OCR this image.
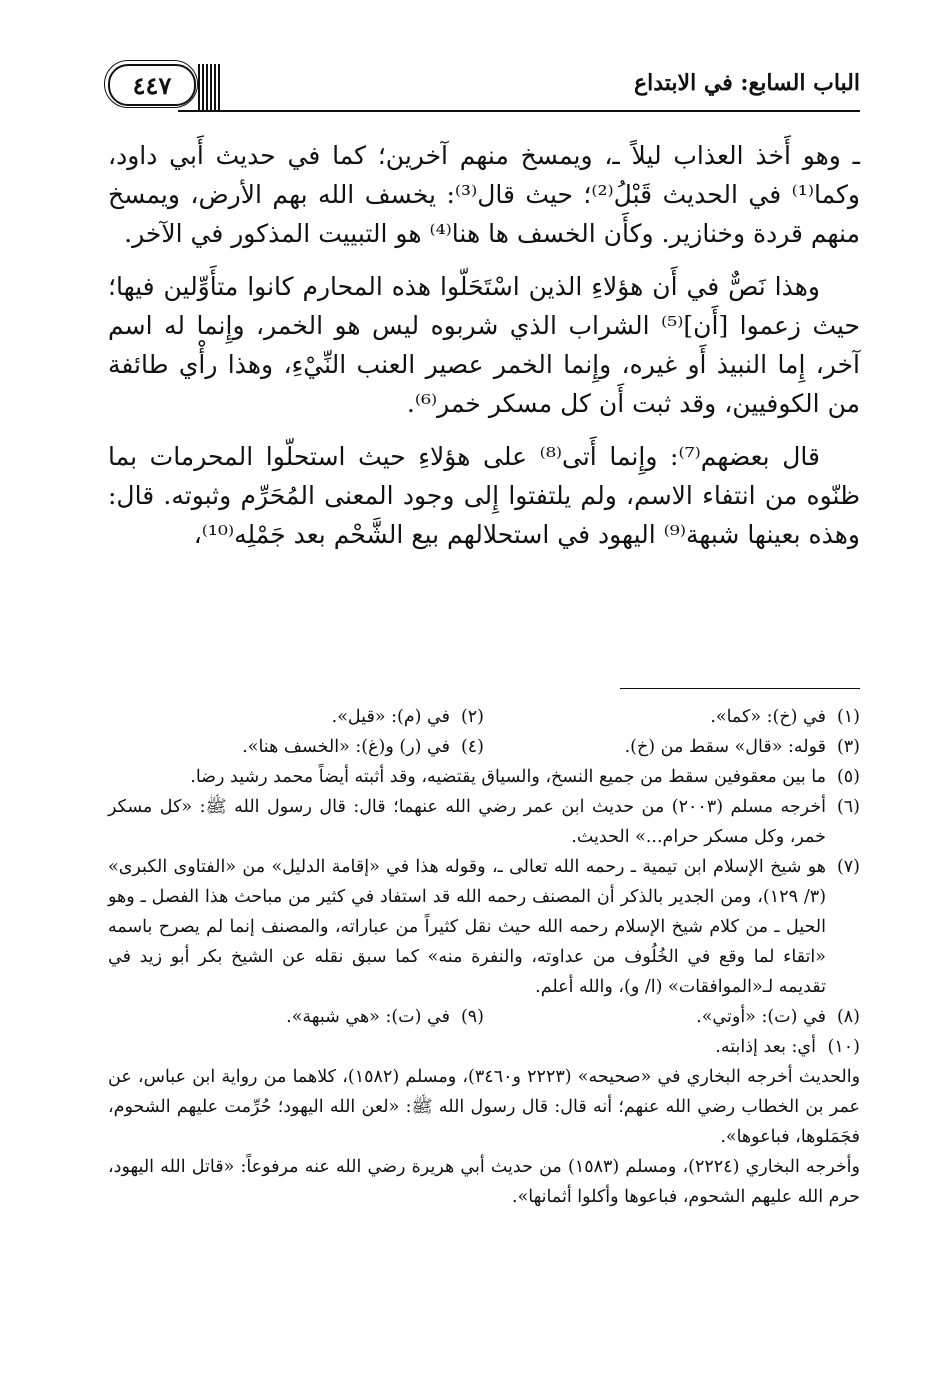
٤٤٧	الباب السابع: في الابتداع

ـ وهو أَخذ العذاب ليلاً ـ، ويمسخ منهم آخرين؛ كما في حديث أَبي داود، وكما⁽¹⁾ في الحديث قَبْلُ⁽²⁾؛ حيث قال⁽³⁾: يخسف الله بهم الأرض، ويمسخ منهم قردة وخنازير. وكأَن الخسف ها هنا⁽⁴⁾ هو التبييت المذكور في الآخر.

وهذا نَصٌّ في أَن هؤلاءِ الذين اسْتَحَلّوا هذه المحارم كانوا متأَوِّلين فيها؛ حيث زعموا [أَن]⁽⁵⁾ الشراب الذي شربوه ليس هو الخمر، وإِنما له اسم آخر، إِما النبيذ أَو غيره، وإِنما الخمر عصير العنب النِّيْءِ، وهذا رأْي طائفة من الكوفيين، وقد ثبت أَن كل مسكر خمر⁽⁶⁾.

قال بعضهم⁽⁷⁾: وإِنما أَتى⁽⁸⁾ على هؤلاءِ حيث استحلّوا المحرمات بما ظنّوه من انتفاء الاسم، ولم يلتفتوا إِلى وجود المعنى المُحَرِّم وثبوته. قال: وهذه بعينها شبهة⁽⁹⁾ اليهود في استحلالهم بيع الشَّحْم بعد جَمْلِه⁽¹⁰⁾،

(١)
في (خ): «كما».
(٢)
في (م): «قيل».
(٣)
قوله: «قال» سقط من (خ).
(٤)
في (ر) و(غ): «الخسف هنا».
(٥)
ما بين معقوفين سقط من جميع النسخ، والسياق يقتضيه، وقد أثبته أيضاً محمد رشيد رضا.
(٦)
أخرجه مسلم (٢٠٠٣) من حديث ابن عمر رضي الله عنهما؛ قال: قال رسول الله ﷺ: «كل مسكر خمر، وكل مسكر حرام...» الحديث.
(٧)
هو شيخ الإسلام ابن تيمية ـ رحمه الله تعالى ـ، وقوله هذا في «إقامة الدليل» من «الفتاوى الكبرى» (٣/ ١٢٩)، ومن الجدير بالذكر أن المصنف رحمه الله قد استفاد في كثير من مباحث هذا الفصل ـ وهو الحيل ـ من كلام شيخ الإسلام رحمه الله حيث نقل كثيراً من عباراته، والمصنف إنما لم يصرح باسمه «اتقاء لما وقع في الخُلُوف من عداوته، والنفرة منه» كما سبق نقله عن الشيخ بكر أبو زيد في تقديمه لـ«الموافقات» (ا/ و)، والله أعلم.
(٨)
في (ت): «أوتي».
(٩)
في (ت): «هي شبهة».
(١٠)
أي: بعد إذابته.
والحديث أخرجه البخاري في «صحيحه» (٢٢٢٣ و٣٤٦٠)، ومسلم (١٥٨٢)، كلاهما من رواية ابن عباس، عن عمر بن الخطاب رضي الله عنهم؛ أنه قال: قال رسول الله ﷺ: «لعن الله اليهود؛ حُرِّمت عليهم الشحوم، فجَمَلوها، فباعوها».
وأخرجه البخاري (٢٢٢٤)، ومسلم (١٥٨٣) من حديث أبي هريرة رضي الله عنه مرفوعاً: «قاتل الله اليهود، حرم الله عليهم الشحوم، فباعوها وأكلوا أثمانها».
